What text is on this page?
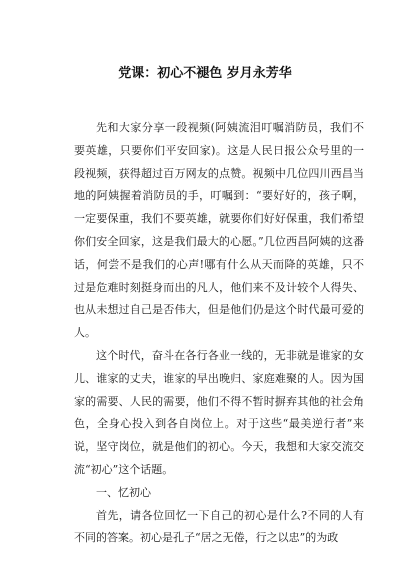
党课：初心不褪色 岁月永芳华

先和大家分享一段视频(阿姨流泪叮嘱消防员，我们不要英雄，只要你们平安回家)。这是人民日报公众号里的一段视频，获得超过百万网友的点赞。视频中几位四川西昌当地的阿姨握着消防员的手，叮嘱到：“要好好的，孩子啊，一定要保重，我们不要英雄，就要你们好好保重，我们希望你们安全回家，这是我们最大的心愿。”几位西昌阿姨的这番话，何尝不是我们的心声!哪有什么从天而降的英雄，只不过是危难时刻挺身而出的凡人，他们来不及计较个人得失、也从未想过自己是否伟大，但是他们仍是这个时代最可爱的人。

这个时代，奋斗在各行各业一线的，无非就是谁家的女儿、谁家的丈夫，谁家的早出晚归、家庭难聚的人。因为国家的需要、人民的需要，他们不得不暂时摒弃其他的社会角色，全身心投入到各自岗位上。对于这些“最美逆行者”来说，坚守岗位，就是他们的初心。今天，我想和大家交流交流“初心”这个话题。

一、忆初心

首先，请各位回忆一下自己的初心是什么?不同的人有不同的答案。初心是孔子“居之无倦，行之以忠”的为政
